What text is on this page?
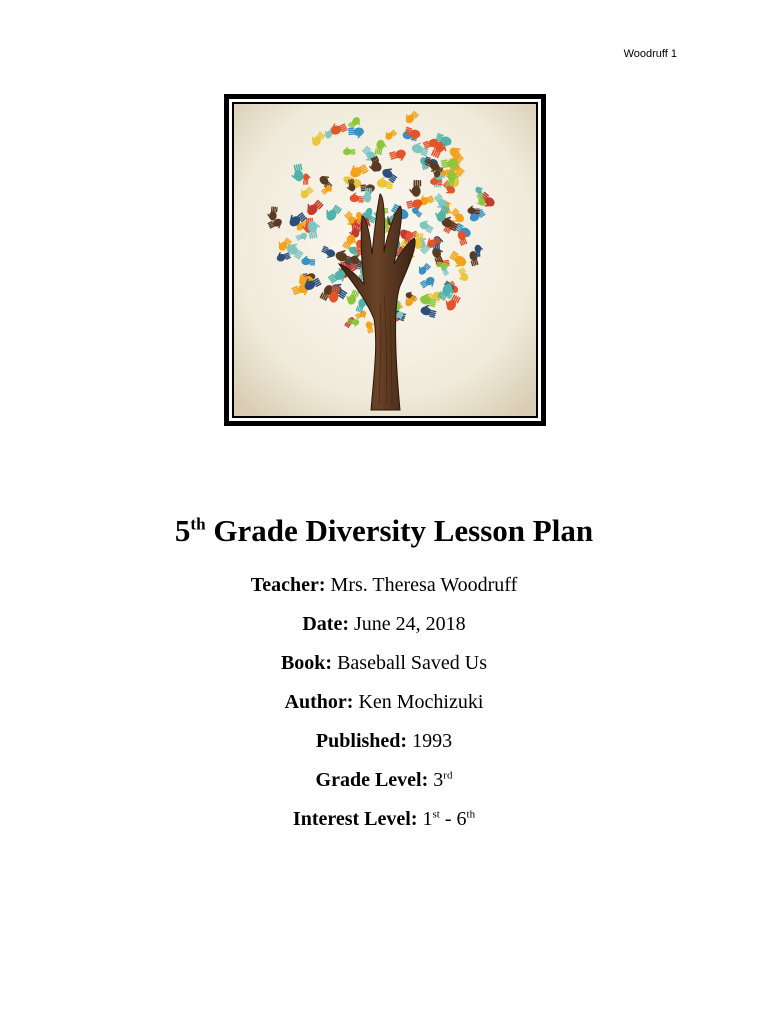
Woodruff 1
5th Grade Diversity Lesson Plan

Teacher: Mrs. Theresa Woodruff

Date: June 24, 2018

Book: Baseball Saved Us

Author: Ken Mochizuki

Published: 1993

Grade Level: 3rd

Interest Level: 1st - 6th
